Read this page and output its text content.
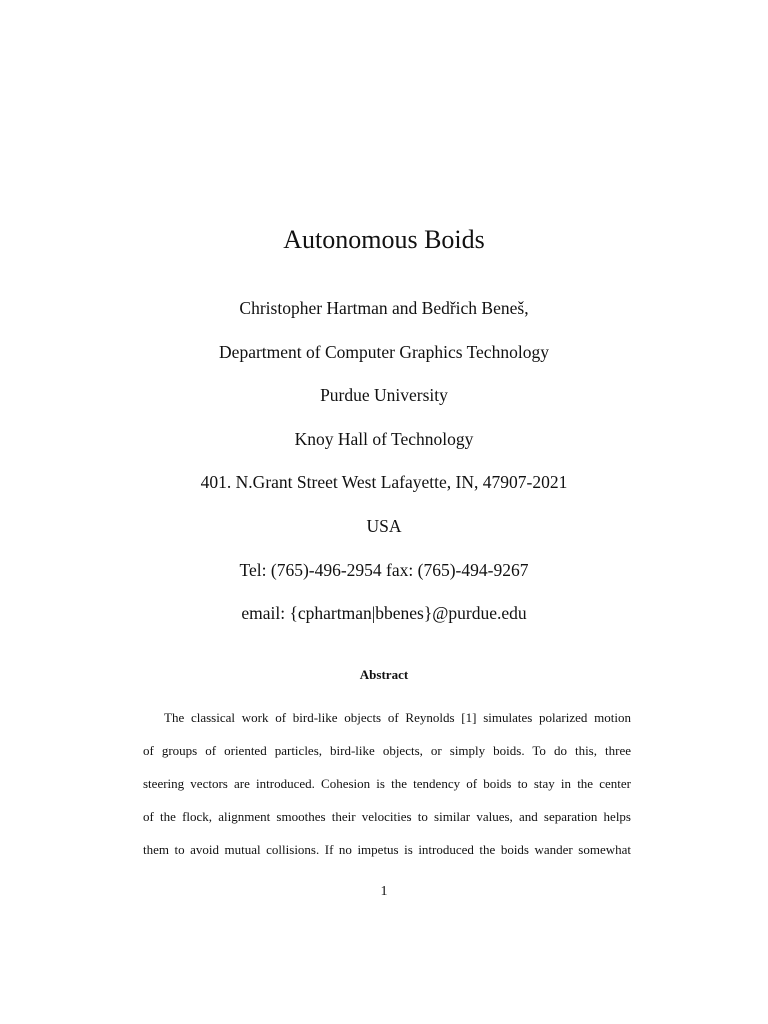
Autonomous Boids
Christopher Hartman and Bedřich Beneš,
Department of Computer Graphics Technology
Purdue University
Knoy Hall of Technology
401. N.Grant Street West Lafayette, IN, 47907-2021
USA
Tel: (765)-496-2954 fax: (765)-494-9267
email: {cphartman|bbenes}@purdue.edu
Abstract
The classical work of bird-like objects of Reynolds [1] simulates polarized motion
of groups of oriented particles, bird-like objects, or simply boids. To do this, three
steering vectors are introduced. Cohesion is the tendency of boids to stay in the center
of the flock, alignment smoothes their velocities to similar values, and separation helps
them to avoid mutual collisions. If no impetus is introduced the boids wander somewhat
1
